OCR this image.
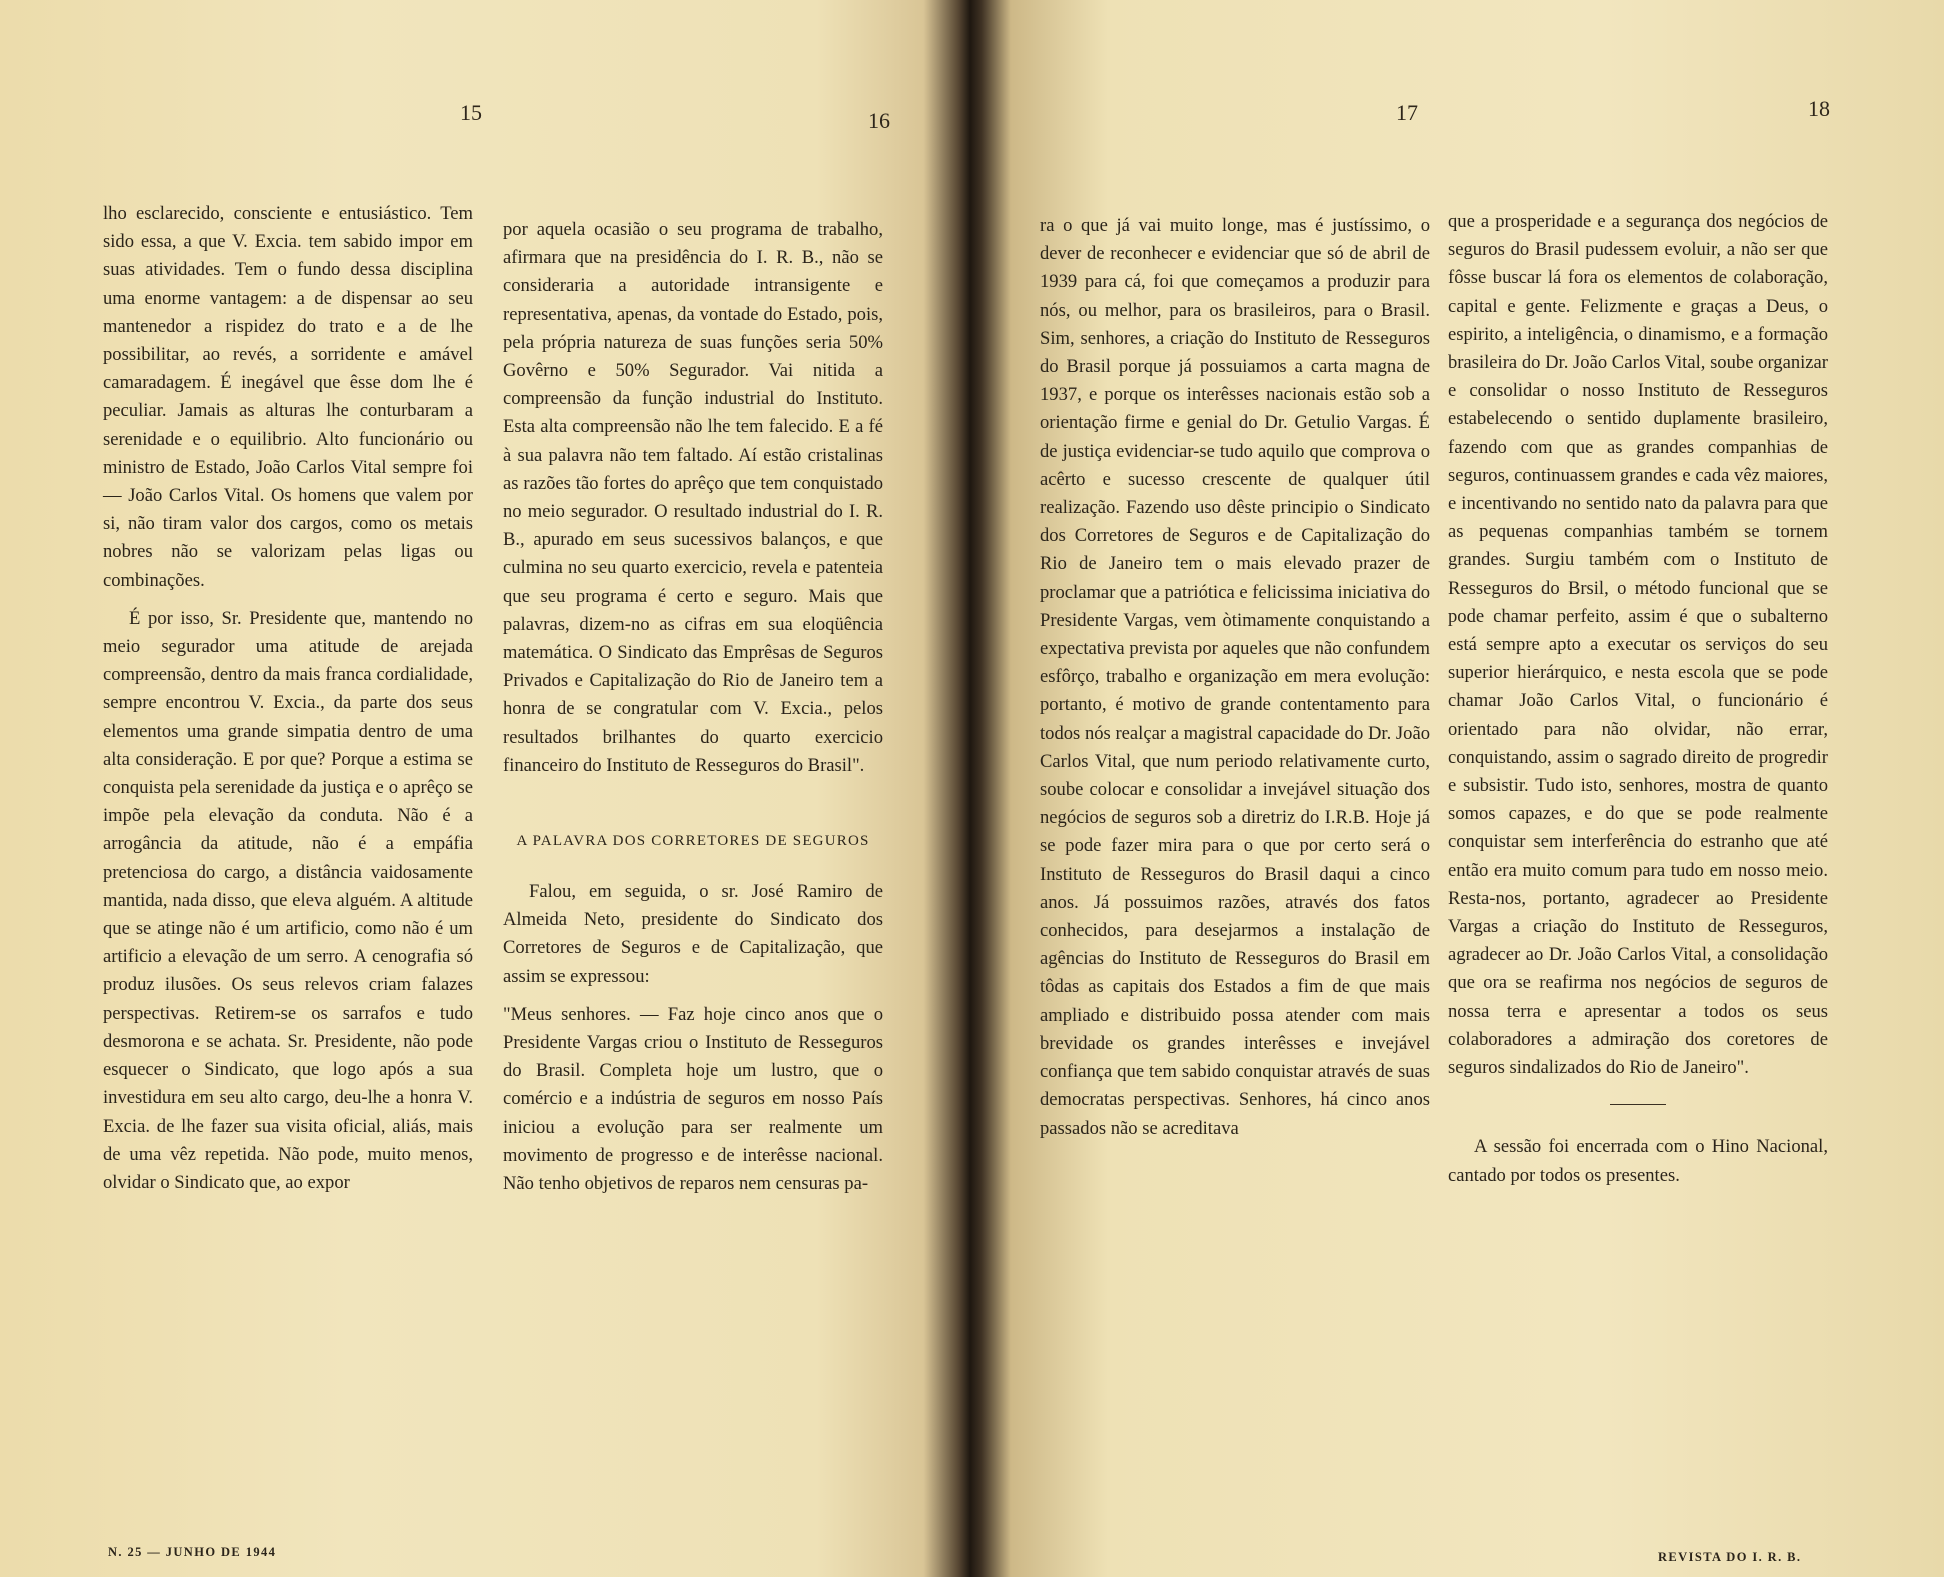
15	16	17	18

lho esclarecido, consciente e entusiástico. Tem sido essa, a que V. Excia. tem sabido impor em suas atividades. Tem o fundo dessa disciplina uma enorme vantagem: a de dispensar ao seu mantenedor a rispidez do trato e a de lhe possibilitar, ao revés, a sorridente e amável camaradagem. É inegável que êsse dom lhe é peculiar. Jamais as alturas lhe conturbaram a serenidade e o equilibrio. Alto funcionário ou ministro de Estado, João Carlos Vital sempre foi — João Carlos Vital. Os homens que valem por si, não tiram valor dos cargos, como os metais nobres não se valorizam pelas ligas ou combinações.

É por isso, Sr. Presidente que, mantendo no meio segurador uma atitude de arejada compreensão, dentro da mais franca cordialidade, sempre encontrou V. Excia., da parte dos seus elementos uma grande simpatia dentro de uma alta consideração. E por que? Porque a estima se conquista pela serenidade da justiça e o aprêço se impõe pela elevação da conduta. Não é a arrogância da atitude, não é a empáfia pretenciosa do cargo, a distância vaidosamente mantida, nada disso, que eleva alguém. A altitude que se atinge não é um artificio, como não é um artificio a elevação de um serro. A cenografia só produz ilusões. Os seus relevos criam falazes perspectivas. Retirem-se os sarrafos e tudo desmorona e se achata. Sr. Presidente, não pode esquecer o Sindicato, que logo após a sua investidura em seu alto cargo, deu-lhe a honra V. Excia. de lhe fazer sua visita oficial, aliás, mais de uma vêz repetida. Não pode, muito menos, olvidar o Sindicato que, ao expor

por aquela ocasião o seu programa de trabalho, afirmara que na presidência do I. R. B., não se consideraria a autoridade intransigente e representativa, apenas, da vontade do Estado, pois, pela própria natureza de suas funções seria 50% Govêrno e 50% Segurador. Vai nitida a compreensão da função industrial do Instituto. Esta alta compreensão não lhe tem falecido. E a fé à sua palavra não tem faltado. Aí estão cristalinas as razões tão fortes do aprêço que tem conquistado no meio segurador. O resultado industrial do I. R. B., apurado em seus sucessivos balanços, e que culmina no seu quarto exercicio, revela e patenteia que seu programa é certo e seguro. Mais que palavras, dizem-no as cifras em sua eloqüência matemática. O Sindicato das Emprêsas de Seguros Privados e Capitalização do Rio de Janeiro tem a honra de se congratular com V. Excia., pelos resultados brilhantes do quarto exercicio financeiro do Instituto de Resseguros do Brasil".

A PALAVRA DOS CORRETORES DE SEGUROS

Falou, em seguida, o sr. José Ramiro de Almeida Neto, presidente do Sindicato dos Corretores de Seguros e de Capitalização, que assim se expressou:

"Meus senhores. — Faz hoje cinco anos que o Presidente Vargas criou o Instituto de Resseguros do Brasil. Completa hoje um lustro, que o comércio e a indústria de seguros em nosso País iniciou a evolução para ser realmente um movimento de progresso e de interêsse nacional. Não tenho objetivos de reparos nem censuras pa-

ra o que já vai muito longe, mas é justíssimo, o dever de reconhecer e evidenciar que só de abril de 1939 para cá, foi que começamos a produzir para nós, ou melhor, para os brasileiros, para o Brasil. Sim, senhores, a criação do Instituto de Resseguros do Brasil porque já possuiamos a carta magna de 1937, e porque os interêsses nacionais estão sob a orientação firme e genial do Dr. Getulio Vargas. É de justiça evidenciar-se tudo aquilo que comprova o acêrto e sucesso crescente de qualquer útil realização. Fazendo uso dêste principio o Sindicato dos Corretores de Seguros e de Capitalização do Rio de Janeiro tem o mais elevado prazer de proclamar que a patriótica e felicissima iniciativa do Presidente Vargas, vem òtimamente conquistando a expectativa prevista por aqueles que não confundem esfôrço, trabalho e organização em mera evolução: portanto, é motivo de grande contentamento para todos nós realçar a magistral capacidade do Dr. João Carlos Vital, que num periodo relativamente curto, soube colocar e consolidar a invejável situação dos negócios de seguros sob a diretriz do I.R.B. Hoje já se pode fazer mira para o que por certo será o Instituto de Resseguros do Brasil daqui a cinco anos. Já possuimos razões, através dos fatos conhecidos, para desejarmos a instalação de agências do Instituto de Resseguros do Brasil em tôdas as capitais dos Estados a fim de que mais ampliado e distribuido possa atender com mais brevidade os grandes interêsses e invejável confiança que tem sabido conquistar através de suas democratas perspectivas. Senhores, há cinco anos passados não se acreditava

que a prosperidade e a segurança dos negócios de seguros do Brasil pudessem evoluir, a não ser que fôsse buscar lá fora os elementos de colaboração, capital e gente. Felizmente e graças a Deus, o espirito, a inteligência, o dinamismo, e a formação brasileira do Dr. João Carlos Vital, soube organizar e consolidar o nosso Instituto de Resseguros estabelecendo o sentido duplamente brasileiro, fazendo com que as grandes companhias de seguros, continuassem grandes e cada vêz maiores, e incentivando no sentido nato da palavra para que as pequenas companhias também se tornem grandes. Surgiu também com o Instituto de Resseguros do Brsil, o método funcional que se pode chamar perfeito, assim é que o subalterno está sempre apto a executar os serviços do seu superior hierárquico, e nesta escola que se pode chamar João Carlos Vital, o funcionário é orientado para não olvidar, não errar, conquistando, assim o sagrado direito de progredir e subsistir. Tudo isto, senhores, mostra de quanto somos capazes, e do que se pode realmente conquistar sem interferência do estranho que até então era muito comum para tudo em nosso meio. Resta-nos, portanto, agradecer ao Presidente Vargas a criação do Instituto de Resseguros, agradecer ao Dr. João Carlos Vital, a consolidação que ora se reafirma nos negócios de seguros de nossa terra e apresentar a todos os seus colaboradores a admiração dos coretores de seguros sindalizados do Rio de Janeiro".

A sessão foi encerrada com o Hino Nacional, cantado por todos os presentes.

N. 25 — JUNHO DE 1944	REVISTA DO I. R. B.
